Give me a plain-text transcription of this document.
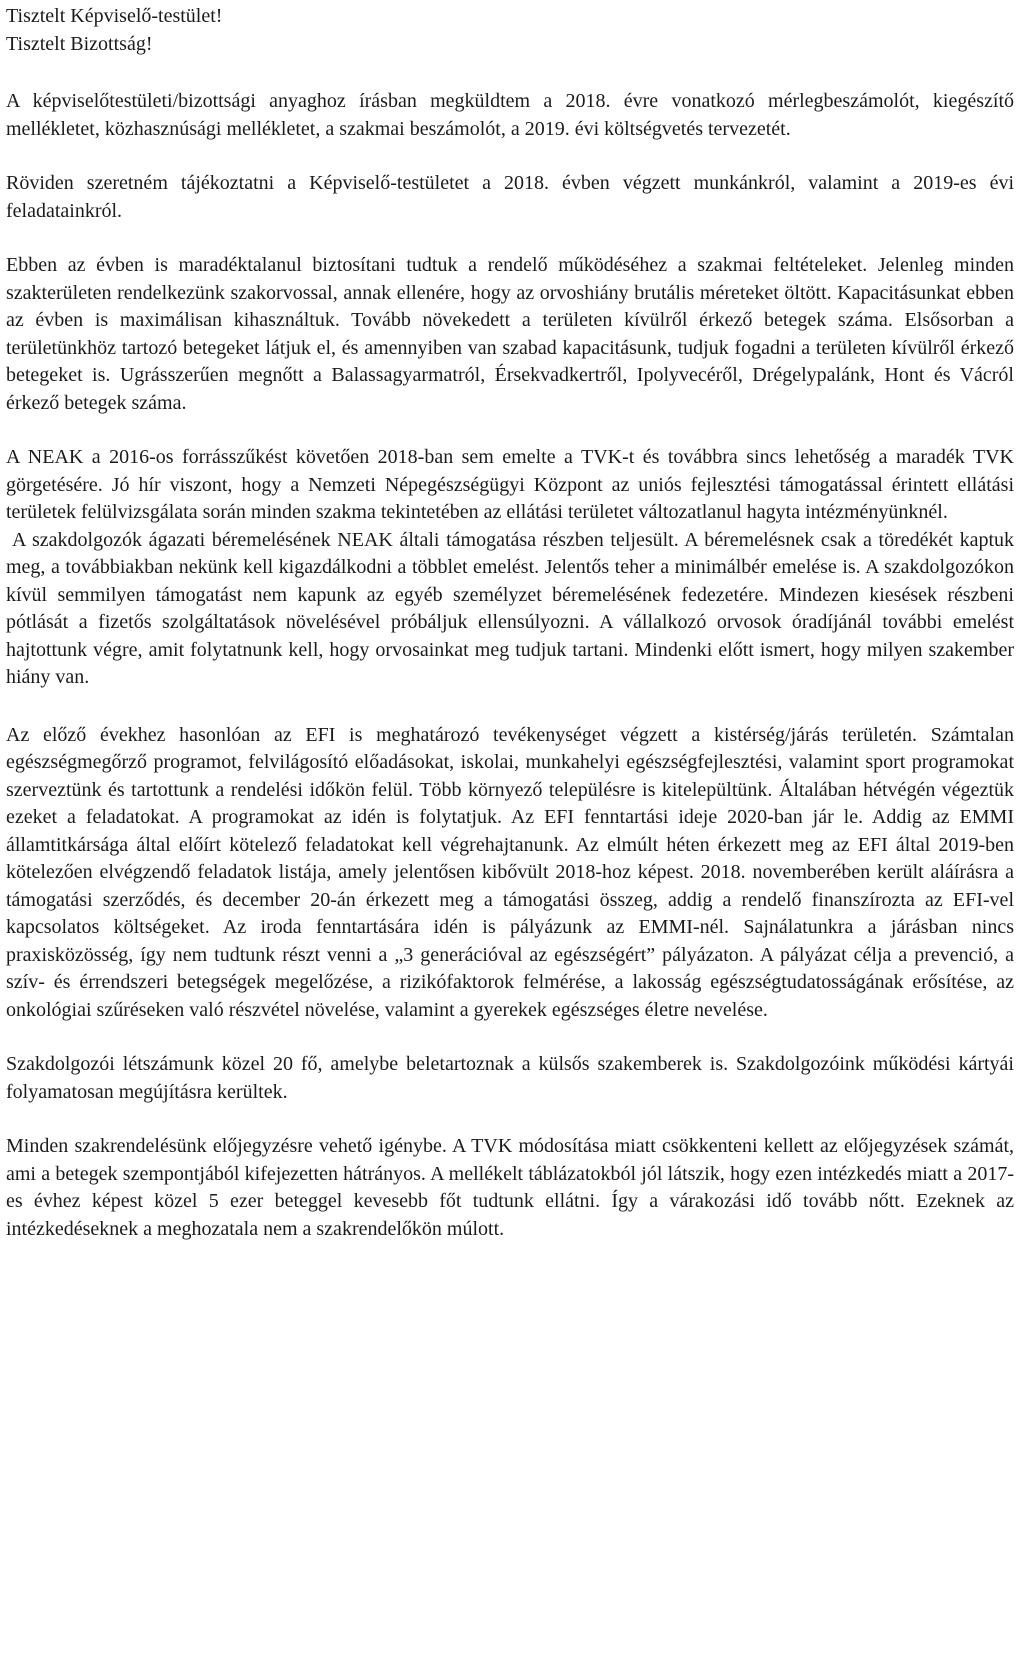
Tisztelt Képviselő-testület!
Tisztelt Bizottság!

A képviselőtestületi/bizottsági anyaghoz írásban megküldtem a 2018. évre vonatkozó mérlegbeszámolót, kiegészítő mellékletet, közhasznúsági mellékletet, a szakmai beszámolót, a 2019. évi költségvetés tervezetét.

Röviden szeretném tájékoztatni a Képviselő-testületet a 2018. évben végzett munkánkról, valamint a 2019-es évi feladatainkról.

Ebben az évben is maradéktalanul biztosítani tudtuk a rendelő működéséhez a szakmai feltételeket. Jelenleg minden szakterületen rendelkezünk szakorvossal, annak ellenére, hogy az orvoshiány brutális méreteket öltött. Kapacitásunkat ebben az évben is maximálisan kihasználtuk. Tovább növekedett a területen kívülről érkező betegek száma. Elsősorban a területünkhöz tartozó betegeket látjuk el, és amennyiben van szabad kapacitásunk, tudjuk fogadni a területen kívülről érkező betegeket is. Ugrásszerűen megnőtt a Balassagyarmatról, Érsekvadkertről, Ipolyvecéről, Drégelypalánk, Hont és Vácról érkező betegek száma.

A NEAK a 2016-os forrásszűkést követően 2018-ban sem emelte a TVK-t és továbbra sincs lehetőség a maradék TVK görgetésére. Jó hír viszont, hogy a Nemzeti Népegészségügyi Központ az uniós fejlesztési támogatással érintett ellátási területek felülvizsgálata során minden szakma tekintetében az ellátási területet változatlanul hagyta intézményünknél.

A szakdolgozók ágazati béremelésének NEAK általi támogatása részben teljesült. A béremelésnek csak a töredékét kaptuk meg, a továbbiakban nekünk kell kigazdálkodni a többlet emelést. Jelentős teher a minimálbér emelése is. A szakdolgozókon kívül semmilyen támogatást nem kapunk az egyéb személyzet béremelésének fedezetére. Mindezen kiesések részbeni pótlását a fizetős szolgáltatások növelésével próbáljuk ellensúlyozni. A vállalkozó orvosok óradíjánál további emelést hajtottunk végre, amit folytatnunk kell, hogy orvosainkat meg tudjuk tartani. Mindenki előtt ismert, hogy milyen szakember hiány van.

Az előző évekhez hasonlóan az EFI is meghatározó tevékenységet végzett a kistérség/járás területén. Számtalan egészségmegőrző programot, felvilágosító előadásokat, iskolai, munkahelyi egészségfejlesztési, valamint sport programokat szerveztünk és tartottunk a rendelési időkön felül. Több környező településre is kitelepültünk. Általában hétvégén végeztük ezeket a feladatokat. A programokat az idén is folytatjuk. Az EFI fenntartási ideje 2020-ban jár le. Addig az EMMI államtitkársága által előírt kötelező feladatokat kell végrehajtanunk. Az elmúlt héten érkezett meg az EFI által 2019-ben kötelezően elvégzendő feladatok listája, amely jelentősen kibővült 2018-hoz képest. 2018. novemberében került aláírásra a támogatási szerződés, és december 20-án érkezett meg a támogatási összeg, addig a rendelő finanszírozta az EFI-vel kapcsolatos költségeket. Az iroda fenntartására idén is pályázunk az EMMI-nél. Sajnálatunkra a járásban nincs praxisközösség, így nem tudtunk részt venni a „3 generációval az egészségért” pályázaton. A pályázat célja a prevenció, a szív- és érrendszeri betegségek megelőzése, a rizikófaktorok felmérése, a lakosság egészségtudatosságának erősítése, az onkológiai szűréseken való részvétel növelése, valamint a gyerekek egészséges életre nevelése.

Szakdolgozói létszámunk közel 20 fő, amelybe beletartoznak a külsős szakemberek is. Szakdolgozóink működési kártyái folyamatosan megújításra kerültek.

Minden szakrendelésünk előjegyzésre vehető igénybe. A TVK módosítása miatt csökkenteni kellett az előjegyzések számát, ami a betegek szempontjából kifejezetten hátrányos. A mellékelt táblázatokból jól látszik, hogy ezen intézkedés miatt a 2017-es évhez képest közel 5 ezer beteggel kevesebb főt tudtunk ellátni. Így a várakozási idő tovább nőtt. Ezeknek az intézkedéseknek a meghozatala nem a szakrendelőkön múlott.
